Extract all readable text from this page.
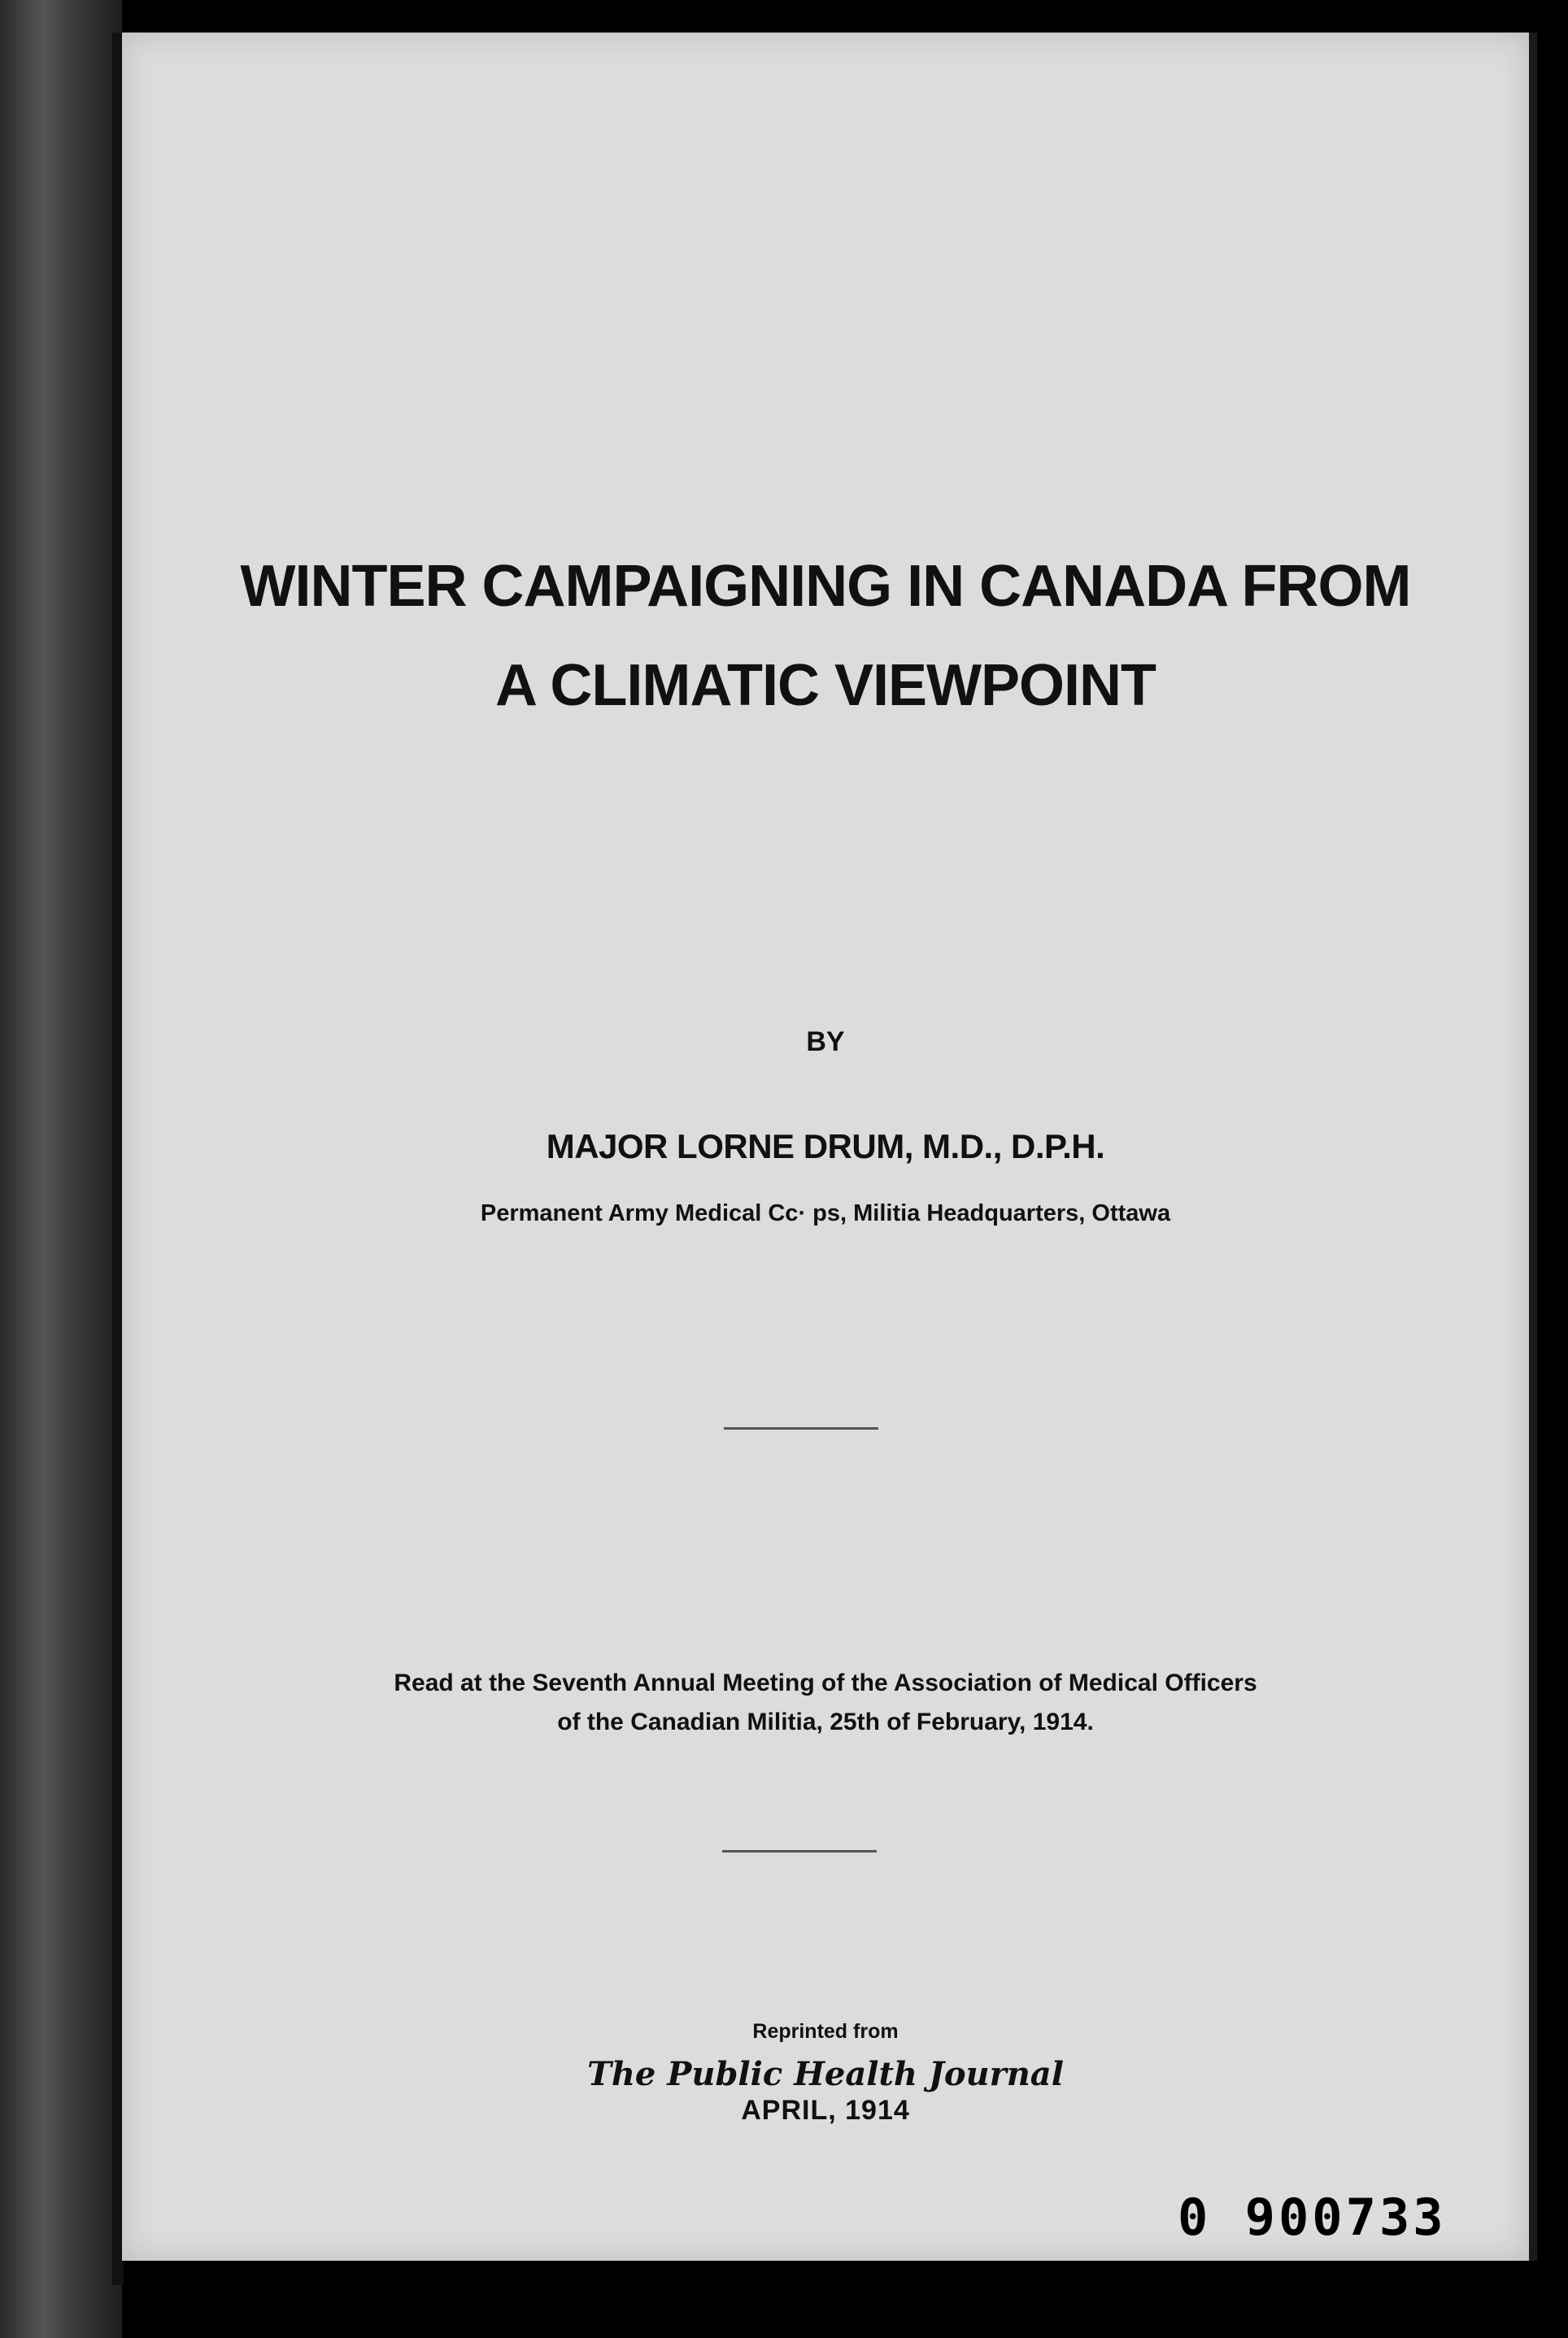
WINTER CAMPAIGNING IN CANADA FROM
A CLIMATIC VIEWPOINT
BY
MAJOR LORNE DRUM, M.D., D.P.H.
Permanent Army Medical Cc· ps, Militia Headquarters, Ottawa
Read at the Seventh Annual Meeting of the Association of Medical Officers
of the Canadian Militia, 25th of February, 1914.
Reprinted from
The Public Health Journal
APRIL, 1914
0 900733
